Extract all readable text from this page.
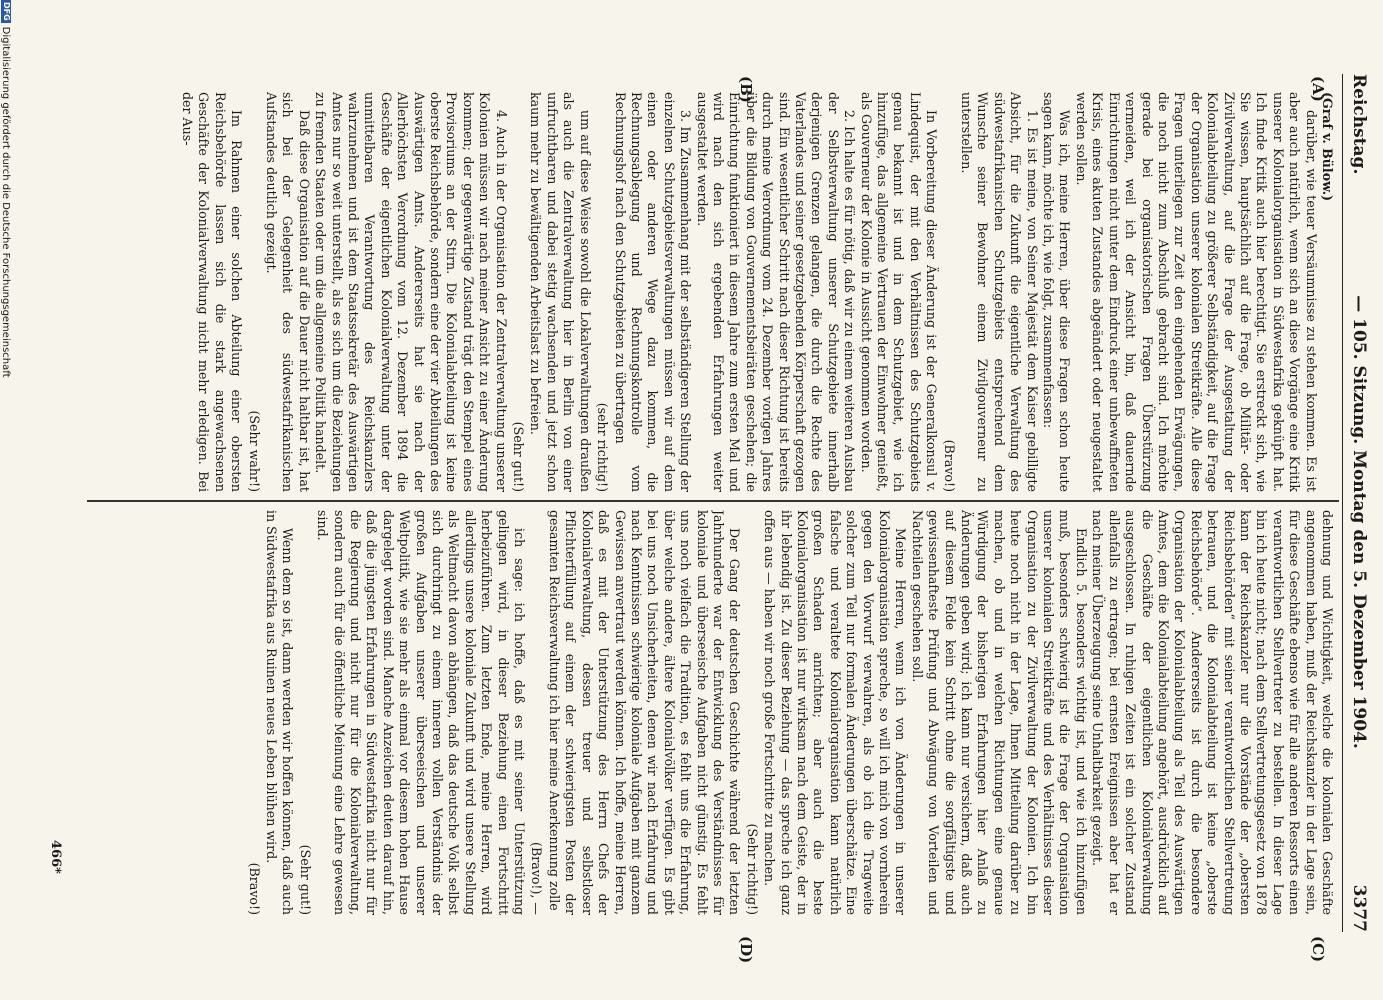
Reichstag.
— 105. Sitzung. Montag den 5. Dezember 1904.
3377
(A)
(B)
(C)
(D)

(Graf v. Bülow.)

darüber, wie teuer Versäumnisse zu stehen kommen. Es ist aber auch natürlich, wenn sich an diese Vorgänge eine Kritik unserer Kolonialorganisation in Südwestafrika geknüpft hat. Ich finde Kritik auch hier berechtigt. Sie erstreckt sich, wie Sie wissen, hauptsächlich auf die Frage, ob Militär- oder Zivilverwaltung, auf die Frage der Ausgestaltung der Kolonialabteilung zu größerer Selbständigkeit, auf die Frage der Organisation unserer kolonialen Streitkräfte. Alle diese Fragen unterliegen zur Zeit den eingehenden Erwägungen, die noch nicht zum Abschluß gebracht sind. Ich möchte gerade bei organisatorischen Fragen Überstürzung vermeiden, weil ich der Ansicht bin, daß dauernde Einrichtungen nicht unter dem Eindruck einer unbewaffneten Krisis, eines akuten Zustandes abgeändert oder neugestaltet werden sollen.

Was ich, meine Herren, über diese Fragen schon heute sagen kann, möchte ich, wie folgt, zusammenfassen:

1. Es ist meine, von Seiner Majestät dem Kaiser gebilligte Absicht, für die Zukunft die eigentliche Verwaltung des südwestafrikanischen Schutzgebiets entsprechend dem Wunsche seiner Bewohner einem Zivilgouverneur zu unterstellen.

(Bravo!)

In Vorbereitung dieser Änderung ist der Generalkonsul v. Lindequist, der mit den Verhältnissen des Schutzgebiets genau bekannt ist und in dem Schutzgebiet, wie ich hinzufüge, das allgemeine Vertrauen der Einwohner genießt, als Gouverneur der Kolonie in Aussicht genommen worden.

2. Ich halte es für nötig, daß wir zu einem weiteren Ausbau der Selbstverwaltung unserer Schutzgebiete innerhalb derjenigen Grenzen gelangen, die durch die Rechte des Vaterlandes und seiner gesetzgebenden Körperschaft gezogen sind. Ein wesentlicher Schritt nach dieser Richtung ist bereits durch meine Verordnung vom 24. Dezember vorigen Jahres über die Bildung von Gouvernementsbeiräten geschehen; die Einrichtung funktioniert in diesem Jahre zum ersten Mal und wird nach den sich ergebenden Erfahrungen weiter ausgestaltet werden.

3. Im Zusammenhang mit der selbständigeren Stellung der einzelnen Schutzgebietsverwaltungen müssen wir auf dem einen oder anderen Wege dazu kommen, die Rechnungsablegung und Rechnungskontrolle vom Rechnungshof nach den Schutzgebieten zu übertragen

(sehr richtig!)

um auf diese Weise sowohl die Lokalverwaltungen draußen als auch die Zentralverwaltung hier in Berlin von einer unfruchtbaren und dabei stetig wachsenden und jetzt schon kaum mehr zu bewältigenden Arbeitslast zu befreien.

(Sehr gut!)

4. Auch in der Organisation der Zentralverwaltung unserer Kolonien müssen wir nach meiner Ansicht zu einer Änderung kommen; der gegenwärtige Zustand trägt den Stempel eines Provisoriums an der Stirn. Die Kolonialabteilung ist keine oberste Reichsbehörde, sondern eine der vier Abteilungen des Auswärtigen Amts. Andererseits hat sie nach der Allerhöchsten Verordnung vom 12. Dezember 1894 die Geschäfte der eigentlichen Kolonialverwaltung unter der unmittelbaren Verantwortung des Reichskanzlers wahrzunehmen und ist dem Staatssekretär des Auswärtigen Amtes nur so weit unterstellt, als es sich um die Beziehungen zu fremden Staaten oder um die allgemeine Politik handelt.

Daß diese Organisation auf die Dauer nicht haltbar ist, hat sich bei der Gelegenheit des südwestafrikanischen Aufstandes deutlich gezeigt.

(Sehr wahr!)

Im Rahmen einer solchen Abteilung einer obersten Reichsbehörde lassen sich die stark angewachsenen Geschäfte der Kolonialverwaltung nicht mehr erledigen. Bei der Aus-

dehnung und Wichtigkeit, welche die kolonialen Geschäfte angenommen haben, muß der Reichskanzler in der Lage sein, für diese Geschäfte ebenso wie für alle anderen Ressorts einen verantwortlichen Stellvertreter zu bestellen. In dieser Lage bin ich heute nicht; nach dem Stellvertretungsgesetz von 1878 kann der Reichskanzler nur die Vorstände der „obersten Reichsbehörden“ mit seiner verantwortlichen Stellvertretung betrauen, und die Kolonialabteilung ist keine „oberste Reichsbehörde“. Andererseits ist durch die besondere Organisation der Kolonialabteilung als Teil des Auswärtigen Amtes, dem die Kolonialabteilung angehört, ausdrücklich auf die Geschäfte der eigentlichen Kolonialverwaltung ausgeschlossen. In ruhigen Zeiten ist ein solcher Zustand allenfalls zu ertragen; bei ernsten Ereignissen aber hat er nach meiner Überzeugung seine Unhaltbarkeit gezeigt.

Endlich 5. besonders wichtig ist, und wie ich hinzufügen muß, besonders schwierig ist die Frage der Organisation unserer kolonialen Streitkräfte und des Verhältnisses dieser Organisation zu der Zivilverwaltung der Kolonien. Ich bin heute noch nicht in der Lage, Ihnen Mitteilung darüber zu machen, ob und in welchen Richtungen eine genaue Würdigung der bisherigen Erfahrungen hier Anlaß zu Änderungen geben wird; ich kann nur versichern, daß auch auf diesem Felde kein Schritt ohne die sorgfältigste und gewissenhafteste Prüfung und Abwägung von Vorteilen und Nachteilen geschehen soll.

Meine Herren, wenn ich von Änderungen in unserer Kolonialorganisation spreche, so will ich mich von vornherein gegen den Vorwurf verwahren, als ob ich die Tragweite solcher zum Teil nur formalen Änderungen überschätze. Eine falsche und veraltete Kolonialorganisation kann natürlich großen Schaden anrichten; aber auch die beste Kolonialorganisation ist nur wirksam nach dem Geiste, der in ihr lebendig ist. Zu dieser Beziehung — das spreche ich ganz offen aus — haben wir noch große Fortschritte zu machen.

(Sehr richtig!)

Der Gang der deutschen Geschichte während der letzten Jahrhunderte war der Entwicklung des Verständnisses für koloniale und überseeische Aufgaben nicht günstig. Es fehlt uns noch vielfach die Tradition, es fehlt uns die Erfahrung, über welche andere, ältere Kolonialvölker verfügen. Es gibt bei uns noch Unsicherheiten, denen wir nach Erfahrung und nach Kenntnissen schwierige koloniale Aufgaben mit ganzem Gewissen anvertraut werden können. Ich hoffe, meine Herren, daß es mit der Unterstützung des Herrn Chefs der Kolonialverwaltung, dessen treuer und selbstloser Pflichterfüllung auf einem der schwierigsten Posten der gesamten Reichsverwaltung ich hier meine Anerkennung zolle

(Bravo!), —

ich sage: ich hoffe, daß es mit seiner Unterstützung gelingen wird, in dieser Beziehung einen Fortschritt herbeizuführen. Zum letzten Ende, meine Herren, wird allerdings unsere koloniale Zukunft und wird unsere Stellung als Weltmacht davon abhängen, daß das deutsche Volk selbst sich durchringt zu einem inneren vollen Verständnis der großen Aufgaben unserer überseeischen und unserer Weltpolitik, wie sie mehr als einmal vor diesem hohen Hause dargelegt worden sind. Manche Anzeichen deuten darauf hin, daß die jüngsten Erfahrungen in Südwestafrika nicht nur für die Regierung und nicht nur für die Kolonialverwaltung, sondern auch für die öffentliche Meinung eine Lehre gewesen sind.

(Sehr gut!)

Wenn dem so ist, dann werden wir hoffen können, daß auch in Südwestafrika aus Ruinen neues Leben blühen wird.

(Bravo!)

466*
DFGDigitalisierung gefördert durch die Deutsche Forschungsgemeinschaft
